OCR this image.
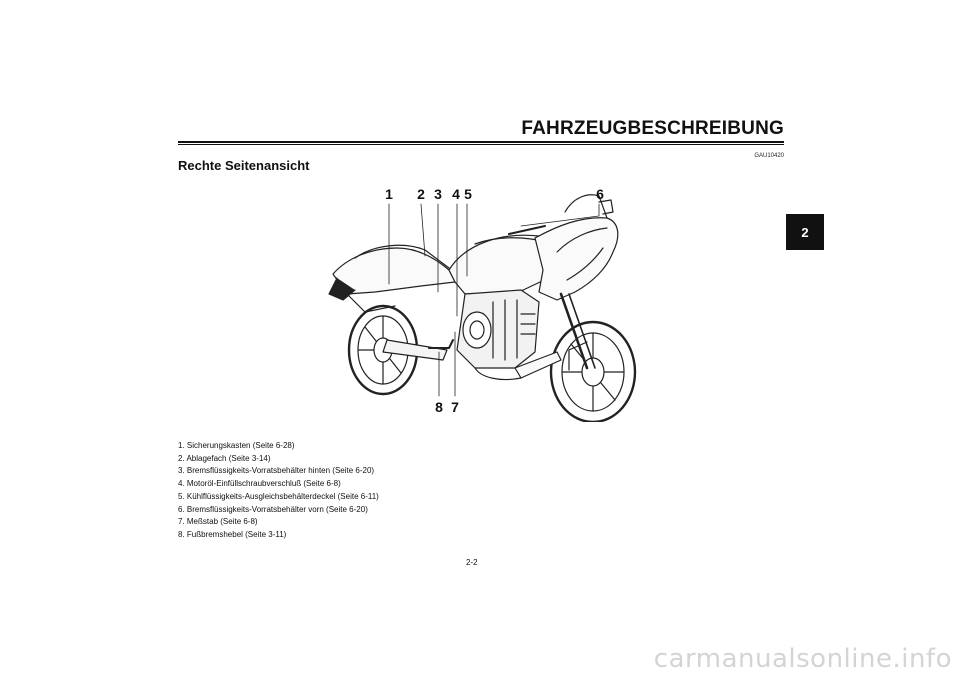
FAHRZEUGBESCHREIBUNG
GAU10420
Rechte Seitenansicht
2
1 2 3 4 5	6
7
8
1. Sicherungskasten (Seite 6-28)
2. Ablagefach (Seite 3-14)
3. Bremsflüssigkeits-Vorratsbehälter hinten (Seite 6-20)
4. Motoröl-Einfüllschraubverschluß (Seite 6-8)
5. Kühlflüssigkeits-Ausgleichsbehälterdeckel (Seite 6-11)
6. Bremsflüssigkeits-Vorratsbehälter vorn (Seite 6-20)
7. Meßstab (Seite 6-8)
8. Fußbremshebel (Seite 3-11)
2-2
carmanualsonline.info
